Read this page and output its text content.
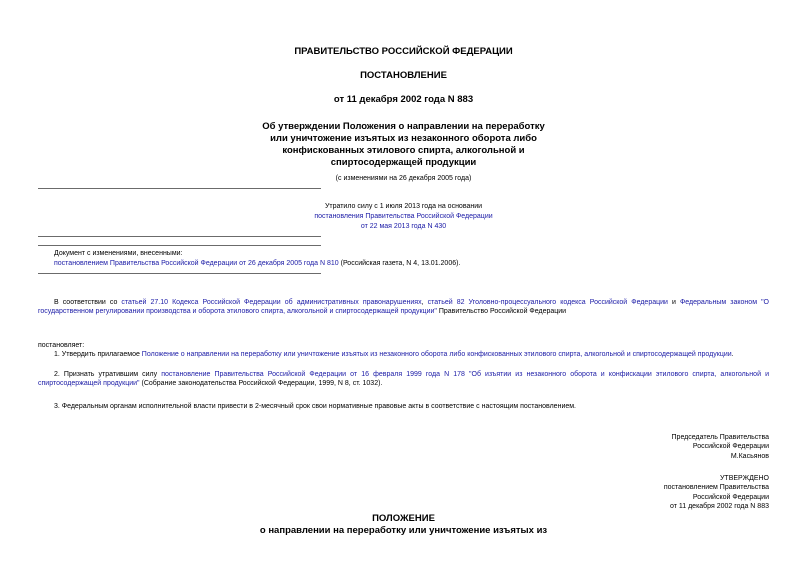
ПРАВИТЕЛЬСТВО РОССИЙСКОЙ ФЕДЕРАЦИИ
ПОСТАНОВЛЕНИЕ
от 11 декабря 2002 года N 883
Об утверждении Положения о направлении на переработку
или уничтожение изъятых из незаконного оборота либо
конфискованных этилового спирта, алкогольной и
спиртосодержащей продукции
(с изменениями на 26 декабря 2005 года)
Утратило силу с 1 июля 2013 года на основании
постановления Правительства Российской Федерации
от 22 мая 2013 года N 430
Документ с изменениями, внесенными:
постановлением Правительства Российской Федерации от 26 декабря 2005 года N 810 (Российская газета, N 4, 13.01.2006).
В соответствии со статьей 27.10 Кодекса Российской Федерации об административных правонарушениях, статьей 82 Уголовно-процессуального кодекса Российской Федерации и Федеральным законом "О государственном регулировании производства и оборота этилового спирта, алкогольной и спиртосодержащей продукции" Правительство Российской Федерации
постановляет:
1. Утвердить прилагаемое Положение о направлении на переработку или уничтожение изъятых из незаконного оборота либо конфискованных этилового спирта, алкогольной и спиртосодержащей продукции.
2. Признать утратившим силу постановление Правительства Российской Федерации от 16 февраля 1999 года N 178 "Об изъятии из незаконного оборота и конфискации этилового спирта, алкогольной и спиртосодержащей продукции" (Собрание законодательства Российской Федерации, 1999, N 8, ст. 1032).
3. Федеральным органам исполнительной власти привести в 2-месячный срок свои нормативные правовые акты в соответствие с настоящим постановлением.
Председатель Правительства
Российской Федерации
М.Касьянов
УТВЕРЖДЕНО
постановлением Правительства
Российской Федерации
от 11 декабря 2002 года N 883
ПОЛОЖЕНИЕ
о направлении на переработку или уничтожение изъятых из
